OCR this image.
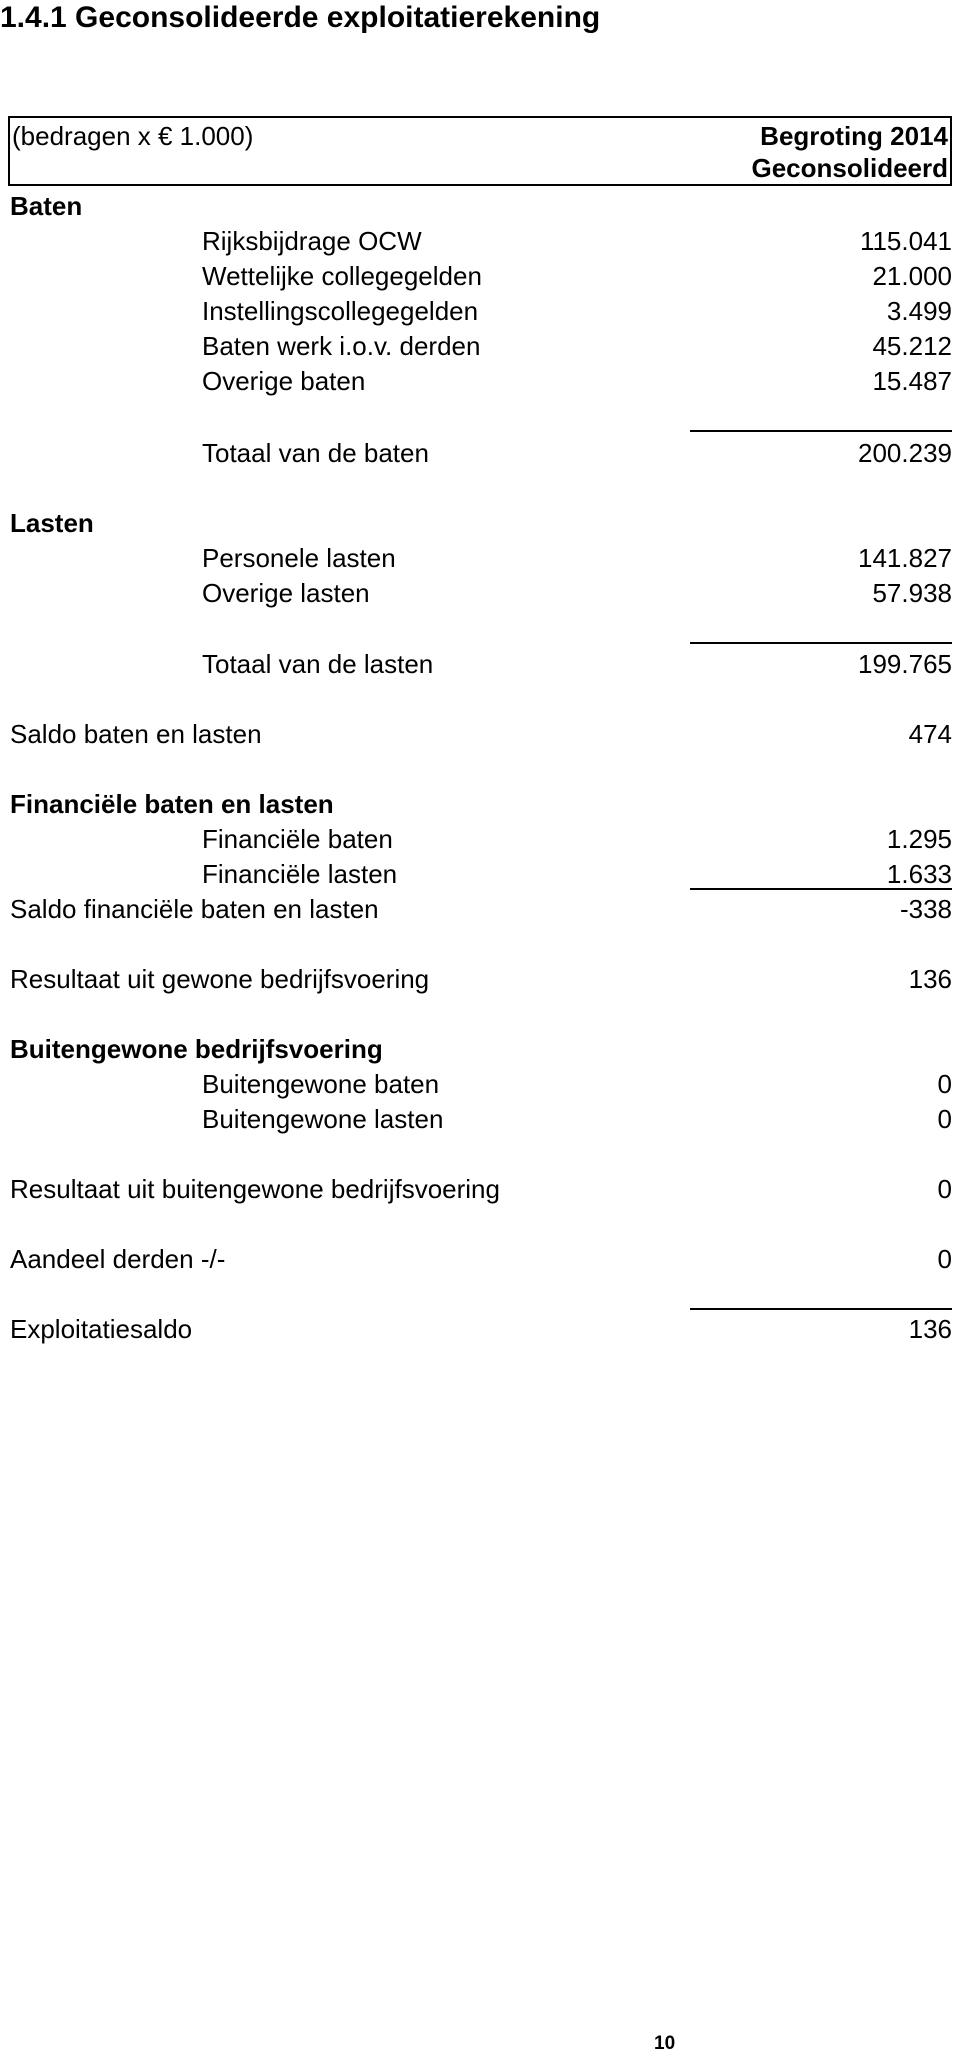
1.4.1 Geconsolideerde exploitatierekening
(bedragen x € 1.000)	Begroting 2014
Geconsolideerd
Baten
Rijksbijdrage OCW	115.041
Wettelijke collegegelden	21.000
Instellingscollegegelden	3.499
Baten werk i.o.v. derden	45.212
Overige baten	15.487
Totaal van de baten	200.239
Lasten
Personele lasten	141.827
Overige lasten	57.938
Totaal van de lasten	199.765
Saldo baten en lasten	474
Financiële baten en lasten
Financiële baten	1.295
Financiële lasten	1.633
Saldo financiële baten en lasten	-338
Resultaat uit gewone bedrijfsvoering	136
Buitengewone bedrijfsvoering
Buitengewone baten	0
Buitengewone lasten	0
Resultaat uit buitengewone bedrijfsvoering	0
Aandeel derden -/-	0
Exploitatiesaldo	136
10
